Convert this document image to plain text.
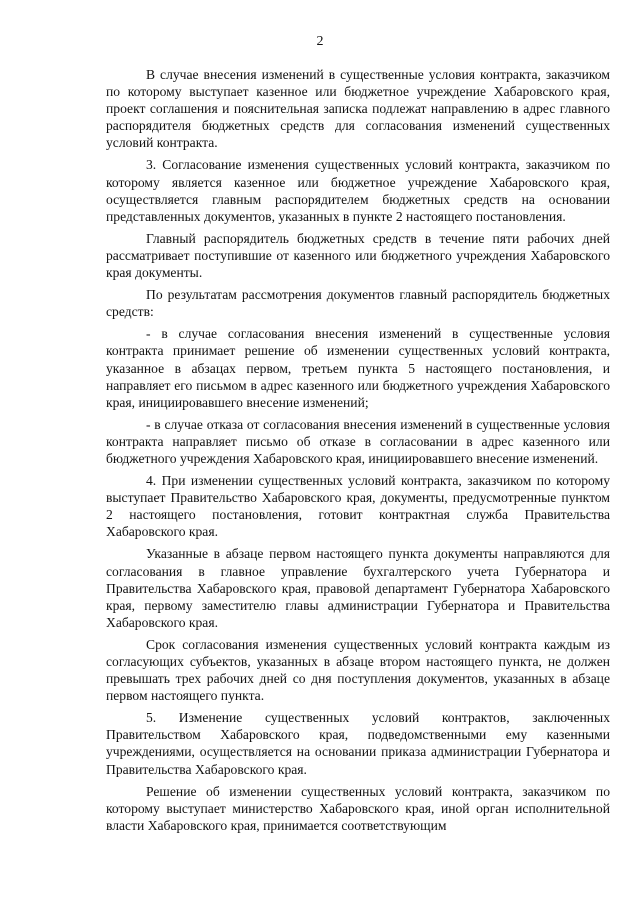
2

В случае внесения изменений в существенные условия контракта, заказчиком по которому выступает казенное или бюджетное учреждение Хабаровского края, проект соглашения и пояснительная записка подлежат направлению в адрес главного распорядителя бюджетных средств для согласования изменений существенных условий контракта.

3. Согласование изменения существенных условий контракта, заказчиком по которому является казенное или бюджетное учреждение Хабаровского края, осуществляется главным распорядителем бюджетных средств на основании представленных документов, указанных в пункте 2 настоящего постановления.

Главный распорядитель бюджетных средств в течение пяти рабочих дней рассматривает поступившие от казенного или бюджетного учреждения Хабаровского края документы.

По результатам рассмотрения документов главный распорядитель бюджетных средств:

- в случае согласования внесения изменений в существенные условия контракта принимает решение об изменении существенных условий контракта, указанное в абзацах первом, третьем пункта 5 настоящего постановления, и направляет его письмом в адрес казенного или бюджетного учреждения Хабаровского края, инициировавшего внесение изменений;

- в случае отказа от согласования внесения изменений в существенные условия контракта направляет письмо об отказе в согласовании в адрес казенного или бюджетного учреждения Хабаровского края, инициировавшего внесение изменений.

4. При изменении существенных условий контракта, заказчиком по которому выступает Правительство Хабаровского края, документы, предусмотренные пунктом 2 настоящего постановления, готовит контрактная служба Правительства Хабаровского края.

Указанные в абзаце первом настоящего пункта документы направляются для согласования в главное управление бухгалтерского учета Губернатора и Правительства Хабаровского края, правовой департамент Губернатора Хабаровского края, первому заместителю главы администрации Губернатора и Правительства Хабаровского края.

Срок согласования изменения существенных условий контракта каждым из согласующих субъектов, указанных в абзаце втором настоящего пункта, не должен превышать трех рабочих дней со дня поступления документов, указанных в абзаце первом настоящего пункта.

5. Изменение существенных условий контрактов, заключенных Правительством Хабаровского края, подведомственными ему казенными учреждениями, осуществляется на основании приказа администрации Губернатора и Правительства Хабаровского края.

Решение об изменении существенных условий контракта, заказчиком по которому выступает министерство Хабаровского края, иной орган исполнительной власти Хабаровского края, принимается соответствующим
